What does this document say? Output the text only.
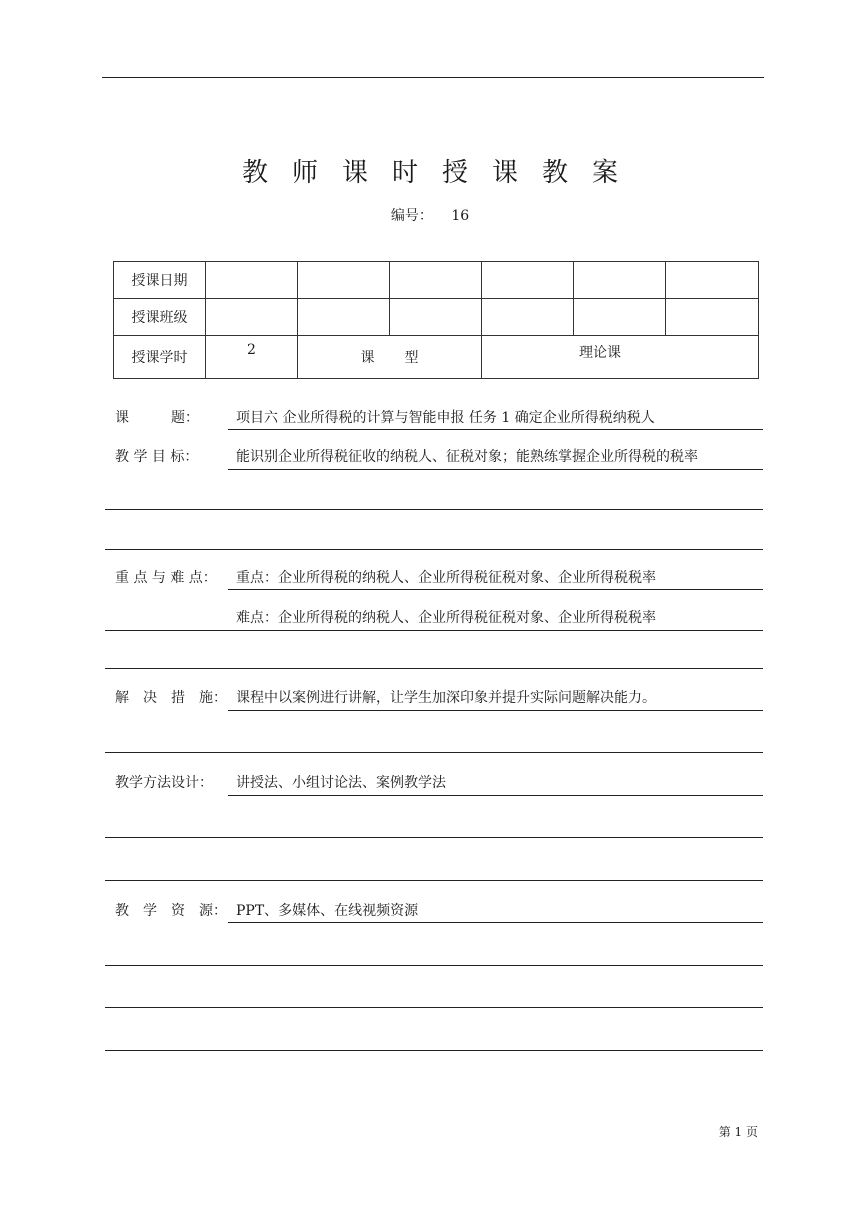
教师课时授课教案
编号： 16
授课日期						
授课班级						
授课学时	2	课型		理论课		
课　　　题：	项目六 企业所得税的计算与智能申报 任务 1 确定企业所得税纳税人
教 学 目 标：	能识别企业所得税征收的纳税人、征税对象；能熟练掌握企业所得税的税率
重 点 与 难 点： 重点：企业所得税的纳税人、企业所得税征税对象、企业所得税税率
难点：企业所得税的纳税人、企业所得税征税对象、企业所得税税率
解　决　措　施： 课程中以案例进行讲解，让学生加深印象并提升实际问题解决能力。
教学方法设计： 讲授法、小组讨论法、案例教学法
教　学　资　源： PPT、多媒体、在线视频资源
第 1 页
